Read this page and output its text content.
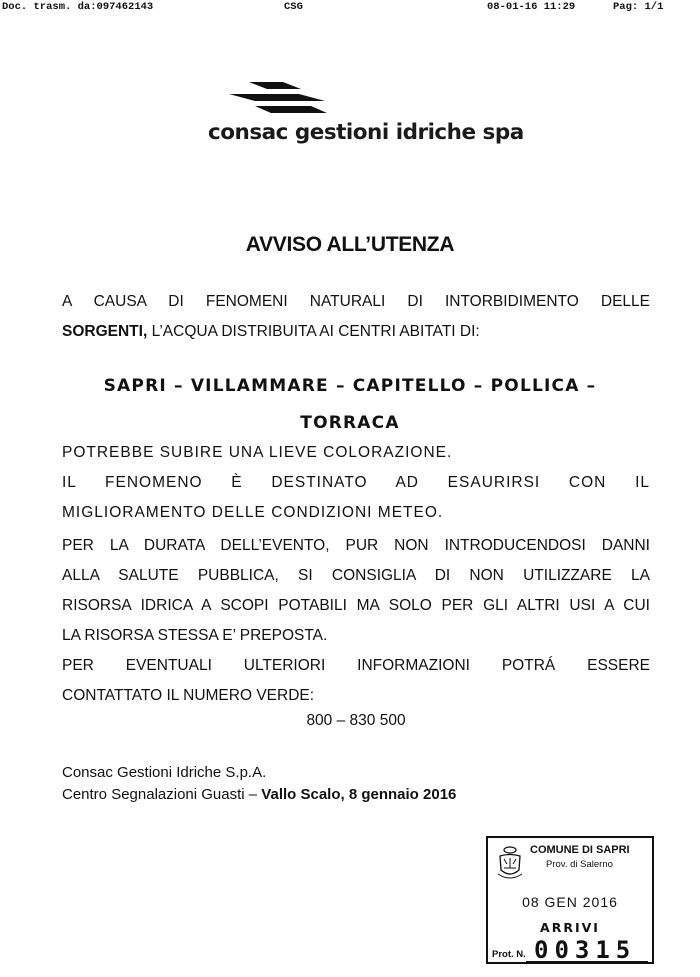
Doc. trasm. da:097462143	CSG	08-01-16 11:29	Pag: 1/1
consac gestioni idriche spa
AVVISO ALL’UTENZA
A CAUSA DI FENOMENI NATURALI DI INTORBIDIMENTO DELLE
SORGENTI, L’ACQUA DISTRIBUITA AI CENTRI ABITATI DI:
SAPRI – VILLAMMARE – CAPITELLO – POLLICA –
TORRACA
POTREBBE SUBIRE UNA LIEVE COLORAZIONE.
IL FENOMENO È DESTINATO AD ESAURIRSI CON IL
MIGLIORAMENTO DELLE CONDIZIONI METEO.
PER LA DURATA DELL’EVENTO, PUR NON INTRODUCENDOSI DANNI
ALLA SALUTE PUBBLICA, SI CONSIGLIA DI NON UTILIZZARE LA
RISORSA IDRICA A SCOPI POTABILI MA SOLO PER GLI ALTRI USI A CUI
LA RISORSA STESSA E’ PREPOSTA.
PER EVENTUALI ULTERIORI INFORMAZIONI POTRÁ ESSERE
CONTATTATO IL NUMERO VERDE:
800 – 830 500
Consac Gestioni Idriche S.p.A.
Centro Segnalazioni Guasti – Vallo Scalo, 8 gennaio 2016
COMUNE DI SAPRI
Prov. di Salerno
08 GEN 2016
ARRIVI
Prot. N. 00315
